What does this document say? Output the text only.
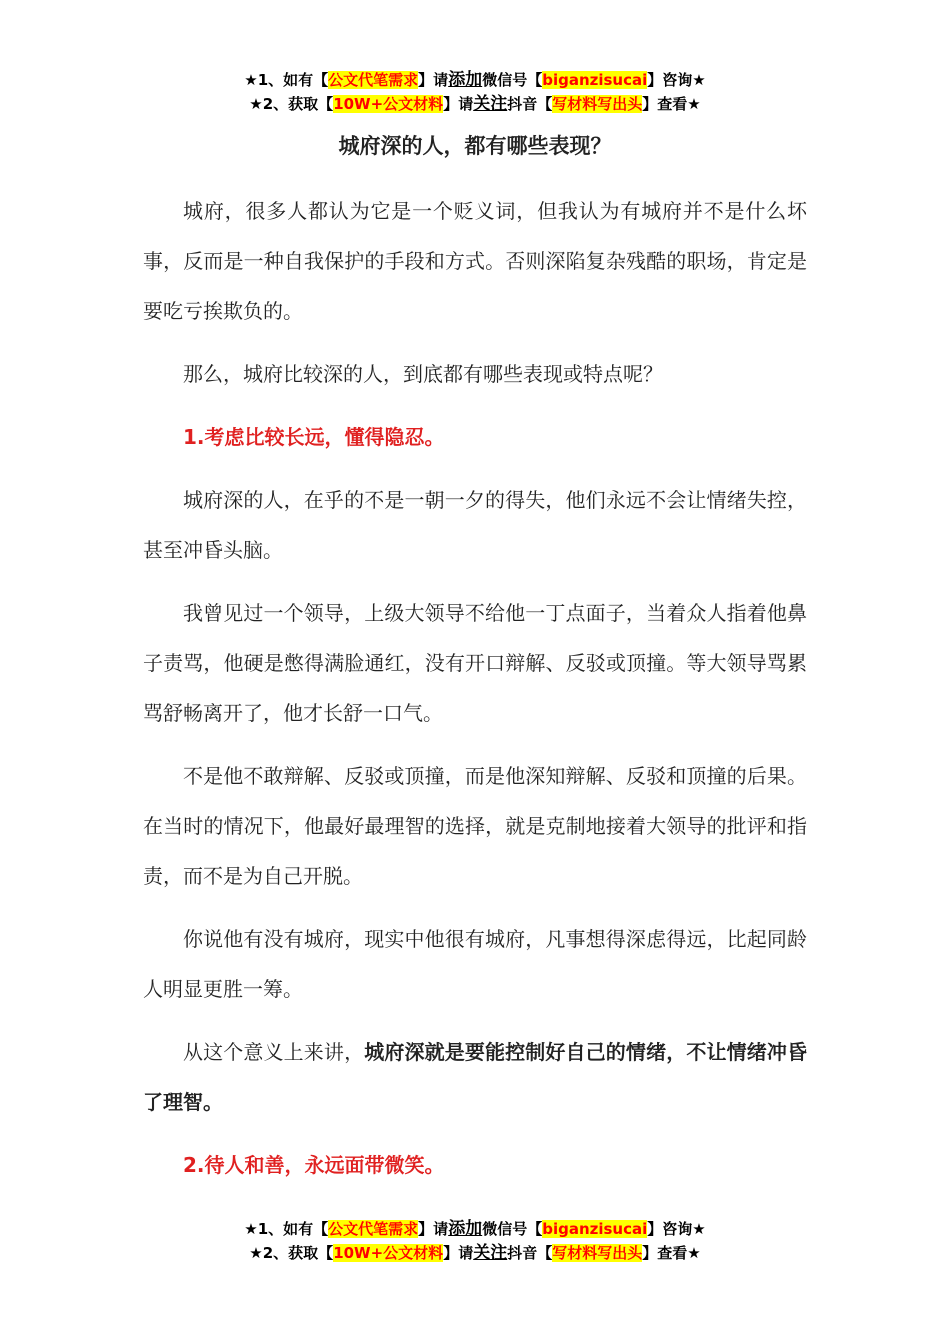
★1、如有【公文代笔需求】请添加微信号【biganzisucai】咨询★
★2、获取【10W+公文材料】请关注抖音【写材料写出头】查看★
城府深的人，都有哪些表现？

城府，很多人都认为它是一个贬义词，但我认为有城府并不是什么坏事，反而是一种自我保护的手段和方式。否则深陷复杂残酷的职场，肯定是要吃亏挨欺负的。

那么，城府比较深的人，到底都有哪些表现或特点呢？

1.考虑比较长远，懂得隐忍。

城府深的人，在乎的不是一朝一夕的得失，他们永远不会让情绪失控，甚至冲昏头脑。

我曾见过一个领导，上级大领导不给他一丁点面子，当着众人指着他鼻子责骂，他硬是憋得满脸通红，没有开口辩解、反驳或顶撞。等大领导骂累骂舒畅离开了，他才长舒一口气。

不是他不敢辩解、反驳或顶撞，而是他深知辩解、反驳和顶撞的后果。在当时的情况下，他最好最理智的选择，就是克制地接着大领导的批评和指责，而不是为自己开脱。

你说他有没有城府，现实中他很有城府，凡事想得深虑得远，比起同龄人明显更胜一筹。

从这个意义上来讲，城府深就是要能控制好自己的情绪，不让情绪冲昏了理智。

2.待人和善，永远面带微笑。

★1、如有【公文代笔需求】请添加微信号【biganzisucai】咨询★
★2、获取【10W+公文材料】请关注抖音【写材料写出头】查看★
